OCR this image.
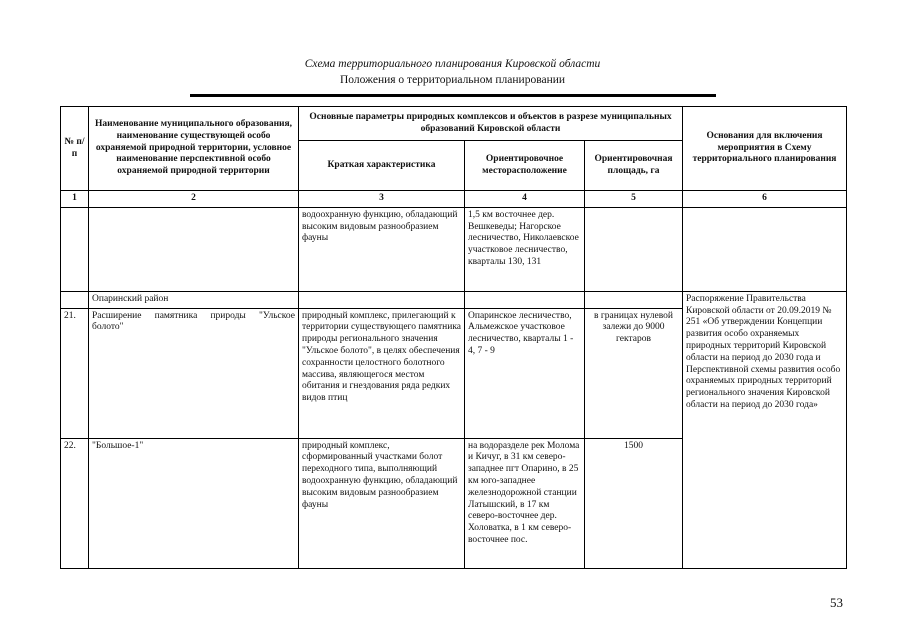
Схема территориального планирования Кировской области
Положения о территориальном планировании
№ п/п	Наименование муниципального образования, наименование существующей особо охраняемой природной территории, условное наименование перспективной особо охраняемой природной территории	Основные параметры природных комплексов и объектов в разрезе муниципальных образований Кировской области			Основания для включения мероприятия в Схему территориального планирования
		Краткая характеристика	Ориентировочное месторасположение	Ориентировочная площадь, га	
1	2	3	4	5	6
		водоохранную функцию, обладающий высоким видовым разнообразием фауны	1,5 км восточнее дер. Вешкеведы; Нагорское лесничество, Николаевское участковое лесничество, кварталы 130, 131		
	Опаринский район				Распоряжение Правительства Кировской области от 20.09.2019 № 251 «Об утверждении Концепции развития особо охраняемых природных территорий Кировской области на период до 2030 года и Перспективной схемы развития особо охраняемых природных территорий регионального значения Кировской области на период до 2030 года»
21.	Расширение памятника природы "Ульское болото"	природный комплекс, прилегающий к территории существующего памятника природы регионального значения "Ульское болото", в целях обеспечения сохранности целостного болотного массива, являющегося местом обитания и гнездования ряда редких видов птиц	Опаринское лесничество, Альмежское участковое лесничество, кварталы 1 - 4, 7 - 9	в границах нулевой залежи до 9000 гектаров	
22.	"Большое-1"	природный комплекс, сформированный участками болот переходного типа, выполняющий водоохранную функцию, обладающий высоким видовым разнообразием фауны	на водоразделе рек Молома и Кичуг, в 31 км северо-западнее пгт Опарино, в 25 км юго-западнее железнодорожной станции Латышский, в 17 км северо-восточнее дер. Холоватка, в 1 км северо-восточнее пос.	1500	
53
